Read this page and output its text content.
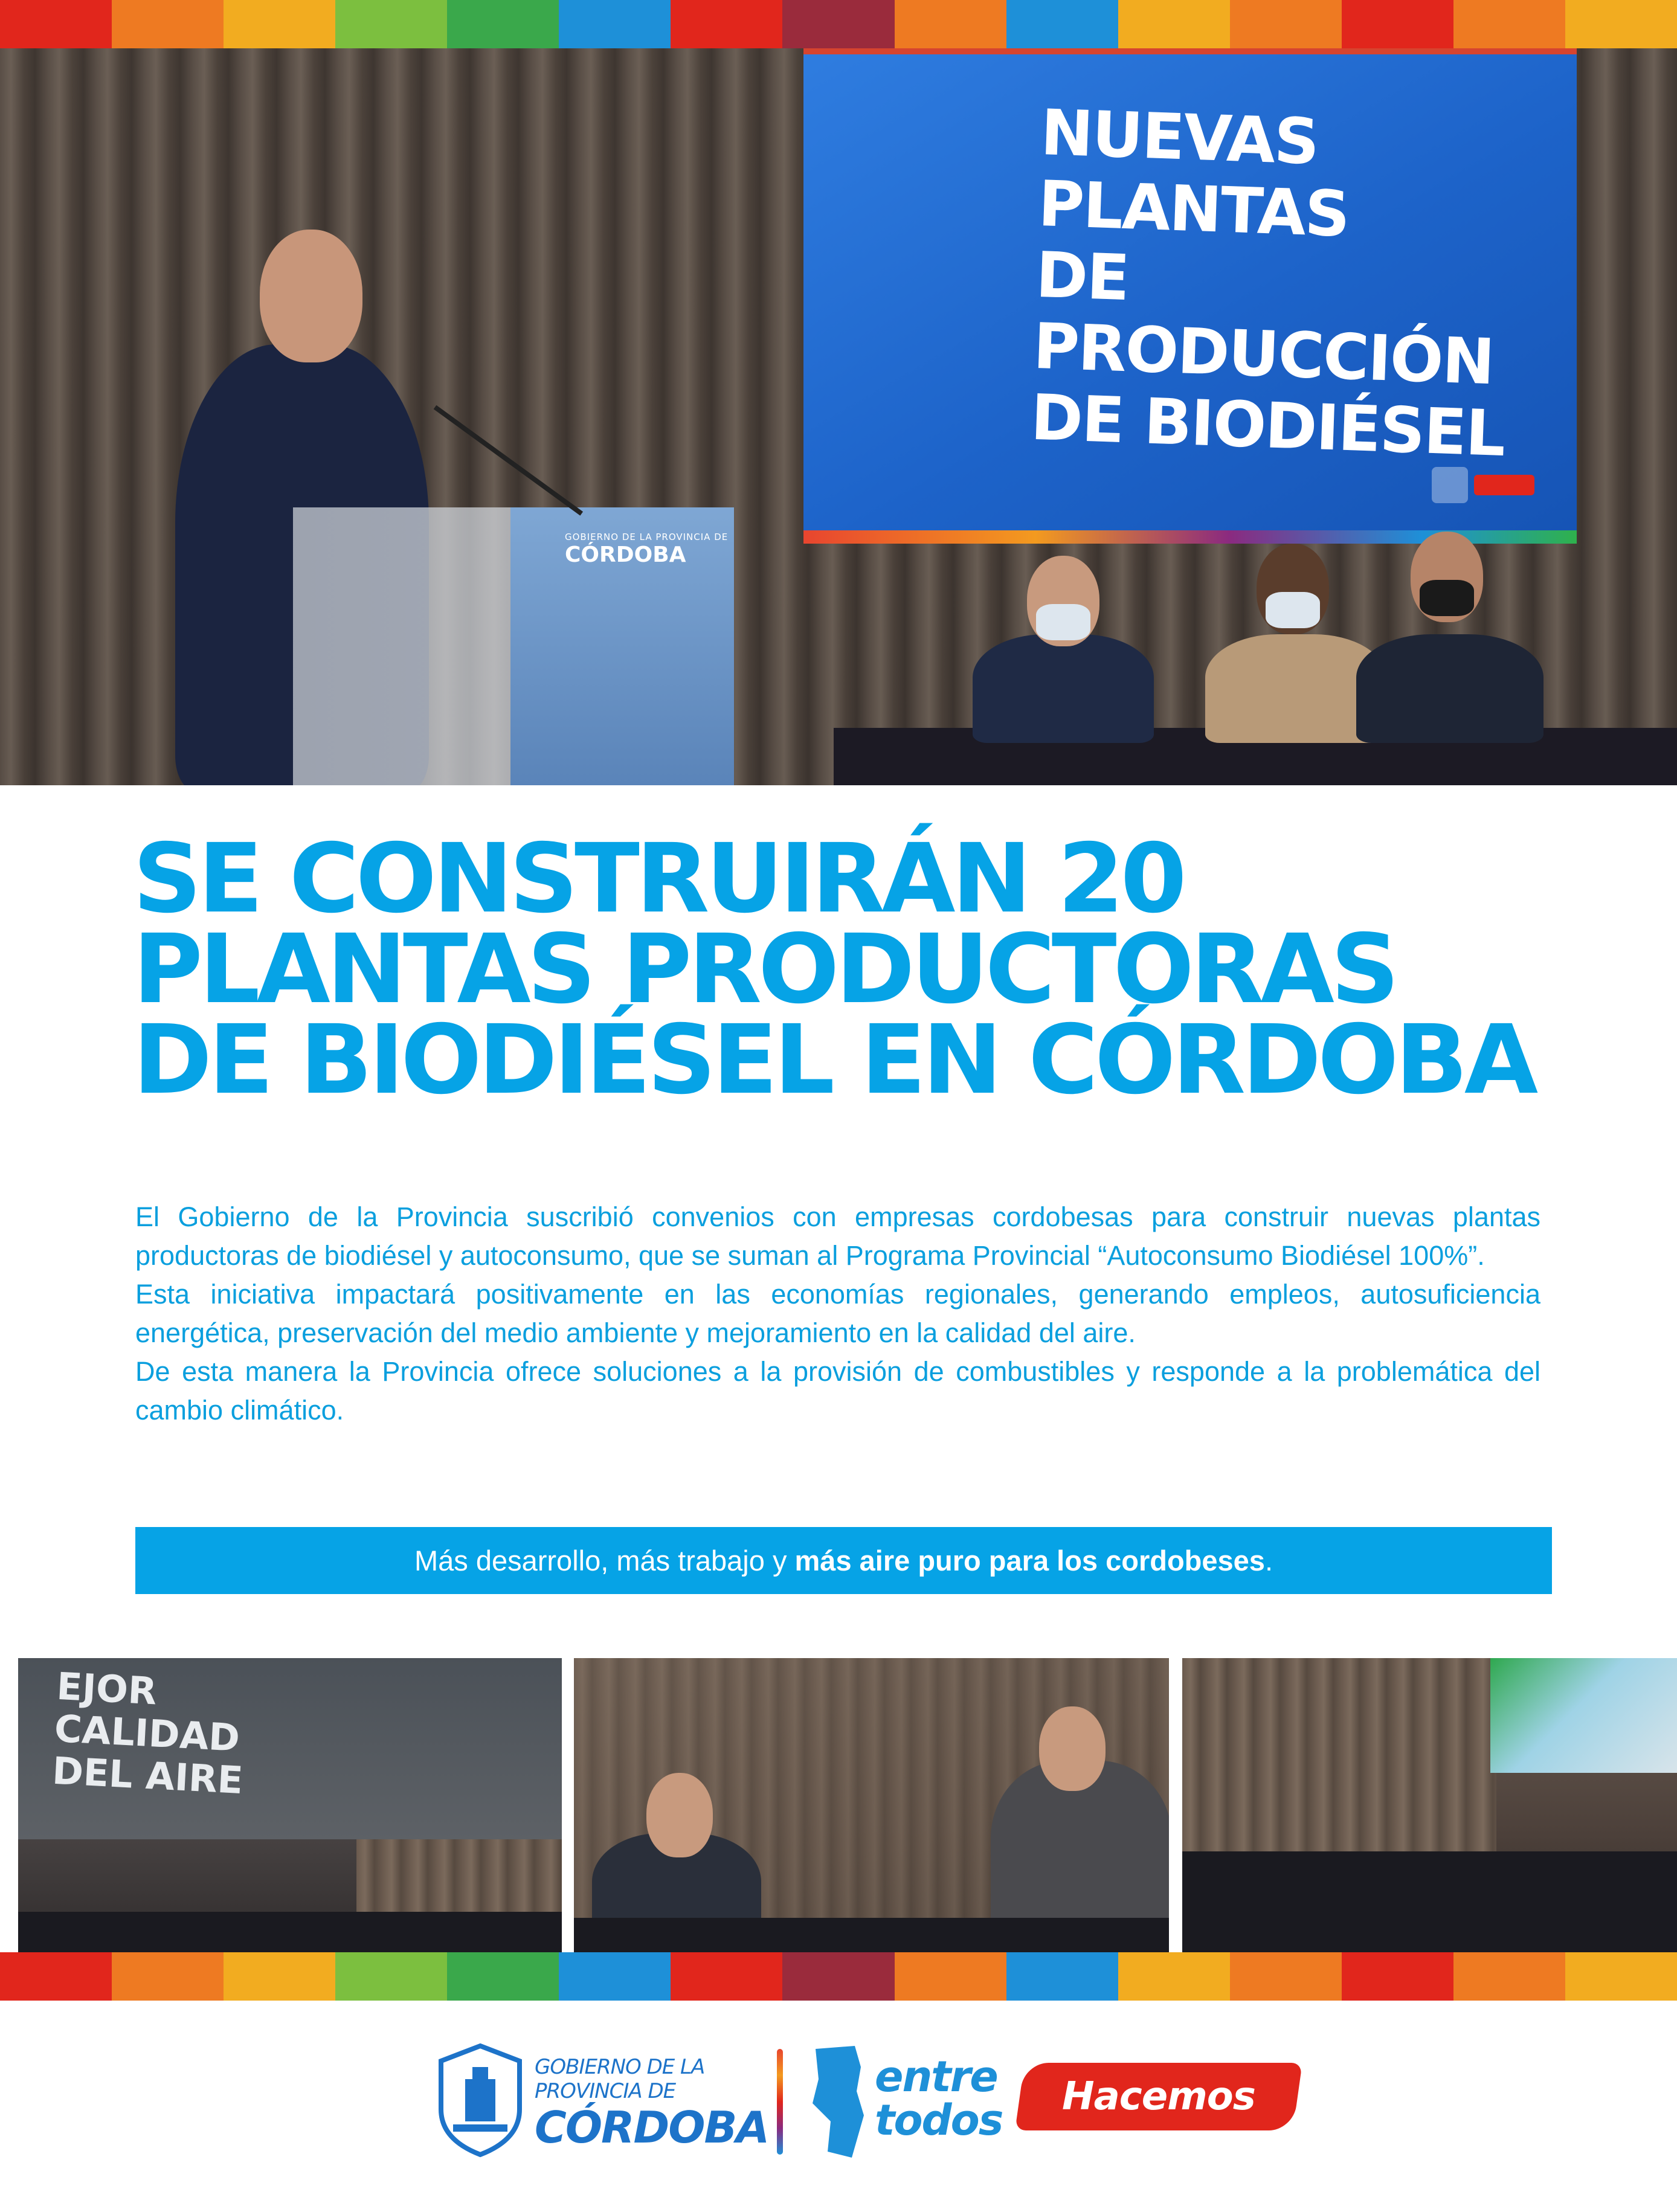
NUEVAS PLANTAS
DE PRODUCCIÓN
DE BIODIÉSEL
GOBIERNO DE LA PROVINCIA DE
CÓRDOBA
SE CONSTRUIRÁN 20
PLANTAS PRODUCTORAS
DE BIODIÉSEL EN CÓRDOBA

El Gobierno de la Provincia suscribió convenios con empresas cordobesas para construir nuevas plantas productoras de biodiésel y autoconsumo, que se suman al Programa Provincial “Autoconsumo Biodiésel 100%”.

Esta iniciativa impactará positivamente en las economías regionales, generando empleos, autosuficiencia energética, preservación del medio ambiente y mejoramiento en la calidad del aire.

De esta manera la Provincia ofrece soluciones a la provisión de combustibles y responde a la problemática del cambio climático.

Más desarrollo, más trabajo y más aire puro para los cordobeses .
EJOR
CALIDAD
DEL AIRE
GOBIERNO DE LA
PROVINCIA DE
CÓRDOBA
entre
todos Hacemos
